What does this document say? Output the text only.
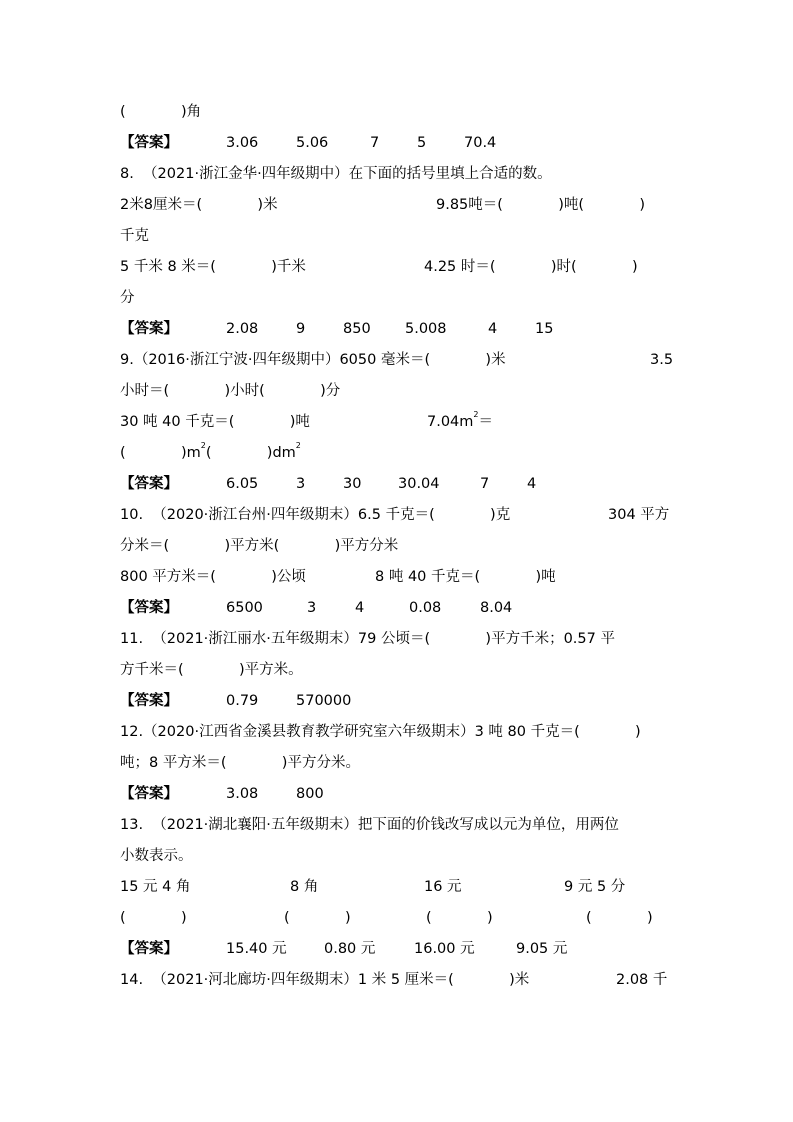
(            )角

【答案】

	3.06

	5.06

	7

	5

	70.4

8.  （2021·浙江金华·四年级期中）在下面的括号里填上合适的数。

2米8厘米＝(            )米

	9.85吨＝(            )吨(            )

千克

5 千米 8 米＝(            )千米

	4.25 时＝(            )时(            )

分

【答案】

	2.08

	9

	850

5.008

	4

	15

9.（2016·浙江宁波·四年级期中）6050 毫米＝(            )米

	3.5

小时＝(            )小时(            )分

30 吨 40 千克＝(            )吨

	$7.04m^2=$

(            )$m^2$(            )$dm^2$

【答案】

	6.05

	3

	30

	30.04

	7

	4

10.  （2020·浙江台州·四年级期末）6.5 千克＝(            )克

	304 平方

分米＝(            )平方米(            )平方分米

800 平方米＝(            )公顷

	8 吨 40 千克＝(            )吨

【答案】

	6500

	3

	4

	0.08

	8.04

11.  （2021·浙江丽水·五年级期末）79 公顷＝(            )平方千米；0.57 平

方千米＝(            )平方米。

【答案】

	0.79

	570000

12.（2020·江西省金溪县教育教学研究室六年级期末）3 吨 80 千克＝(            )

吨；8 平方米＝(            )平方分米。

【答案】

	3.08

	800

13.  （2021·湖北襄阳·五年级期末）把下面的价钱改写成以元为单位，用两位

小数表示。

15 元 4 角

	8 角

	16 元

	9 元 5 分

(            )

	(            )

	(            )

	(            )

【答案】

	15.40 元

	0.80 元

	16.00 元

	9.05 元

14.  （2021·河北廊坊·四年级期末）1 米 5 厘米＝(            )米

	2.08 千
